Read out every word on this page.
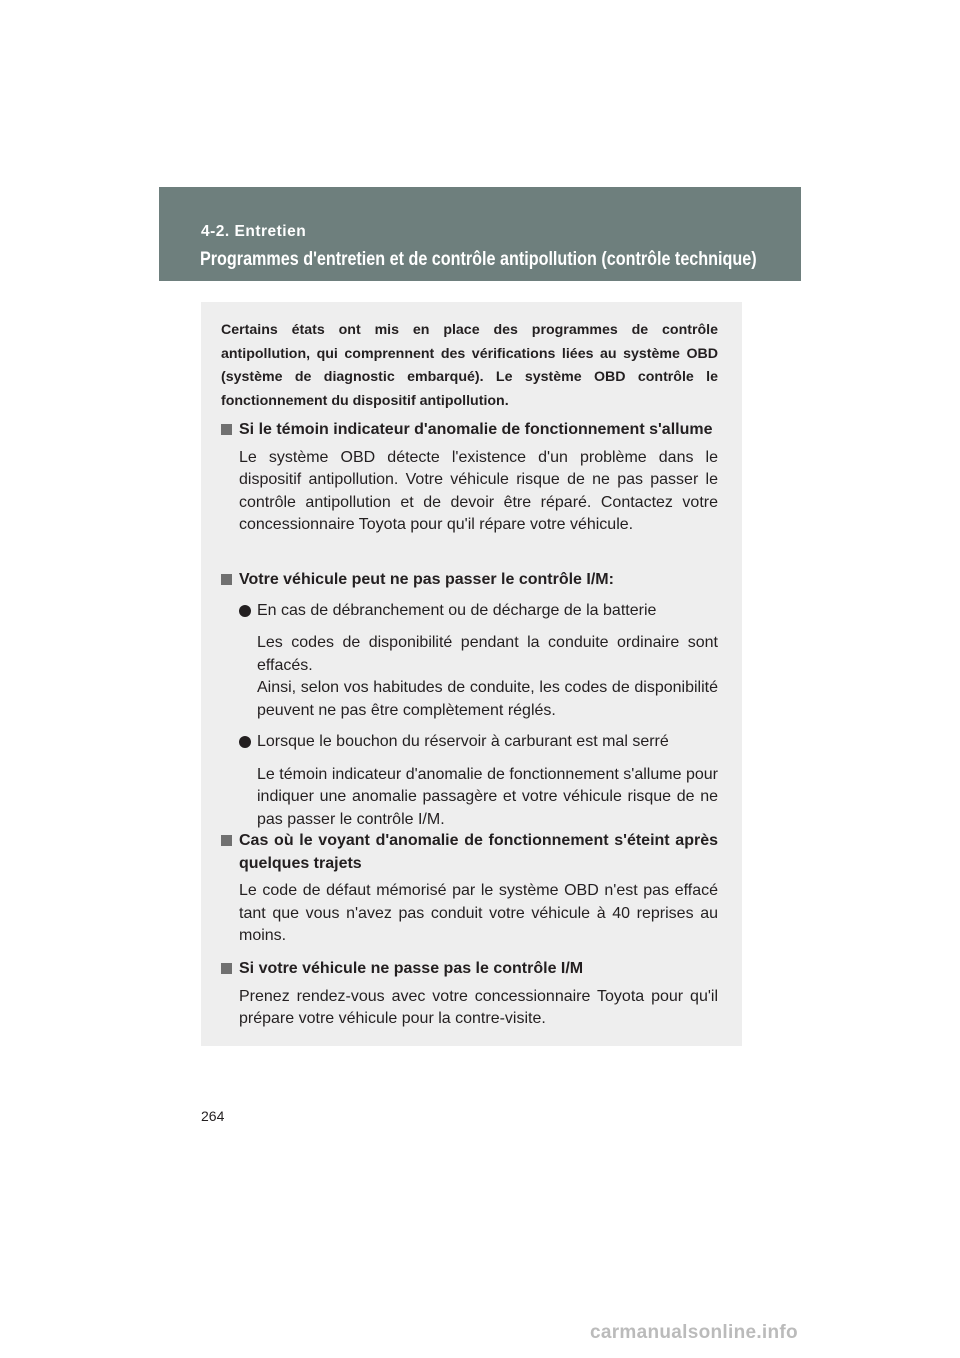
4-2. Entretien
Programmes d'entretien et de contrôle antipollution (contrôle technique)

Certains états ont mis en place des programmes de contrôle antipollution, qui comprennent des vérifications liées au système OBD (système de diagnostic embarqué). Le système OBD contrôle le fonctionnement du dispositif antipollution.

Si le témoin indicateur d'anomalie de fonctionnement s'allume

Le système OBD détecte l'existence d'un problème dans le dispositif antipollution. Votre véhicule risque de ne pas passer le contrôle antipollution et de devoir être réparé. Contactez votre concessionnaire Toyota pour qu'il répare votre véhicule.

Votre véhicule peut ne pas passer le contrôle I/M:

En cas de débranchement ou de décharge de la batterie

Les codes de disponibilité pendant la conduite ordinaire sont effacés.

Ainsi, selon vos habitudes de conduite, les codes de disponibilité peuvent ne pas être complètement réglés.

Lorsque le bouchon du réservoir à carburant est mal serré

Le témoin indicateur d'anomalie de fonctionnement s'allume pour indiquer une anomalie passagère et votre véhicule risque de ne pas passer le contrôle I/M.

Cas où le voyant d'anomalie de fonctionnement s'éteint après quelques trajets

Le code de défaut mémorisé par le système OBD n'est pas effacé tant que vous n'avez pas conduit votre véhicule à 40 reprises au moins.

Si votre véhicule ne passe pas le contrôle I/M

Prenez rendez-vous avec votre concessionnaire Toyota pour qu'il prépare votre véhicule pour la contre-visite.

264
carmanualsonline.info
